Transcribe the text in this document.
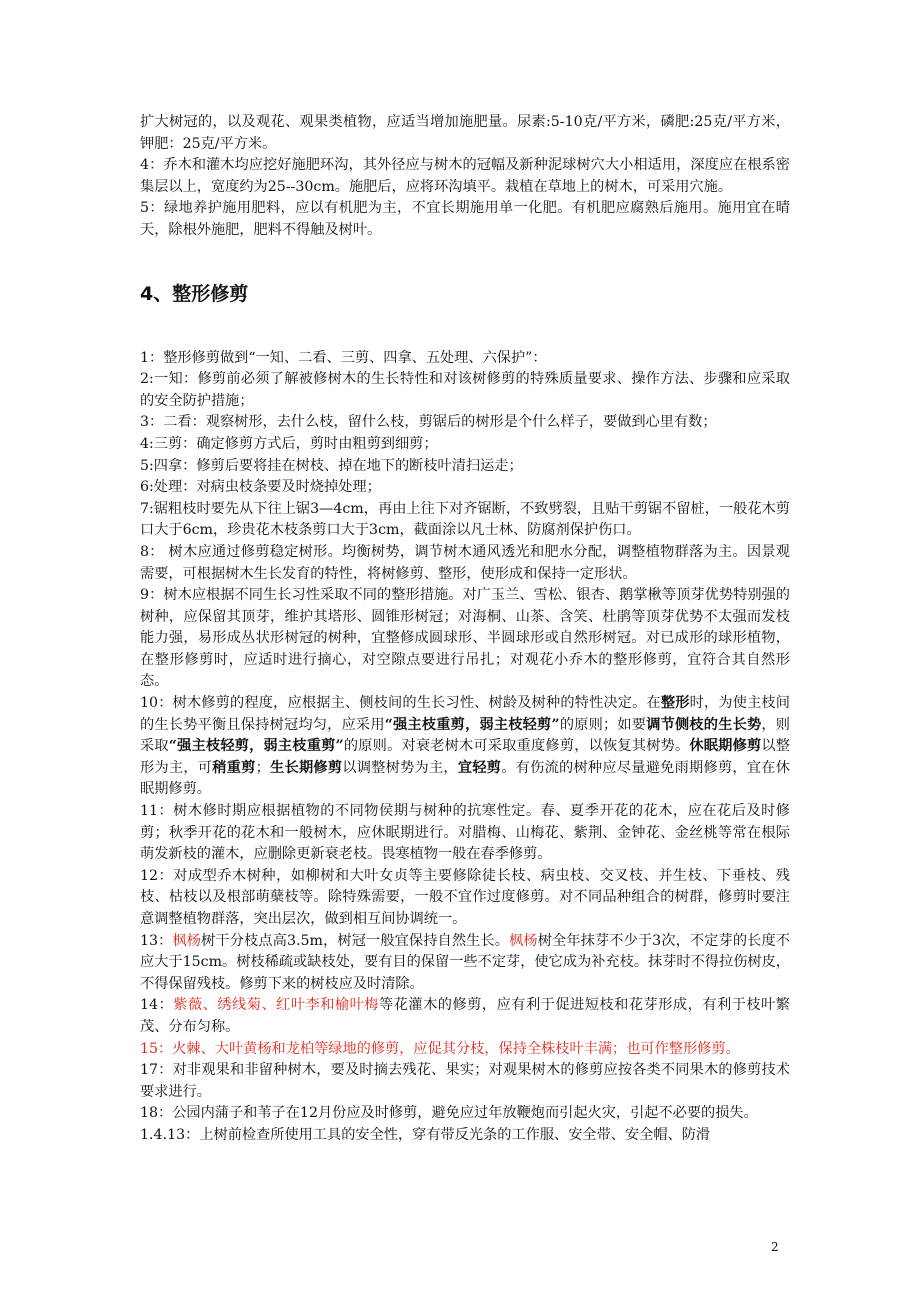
扩大树冠的，以及观花、观果类植物，应适当增加施肥量。尿素:5-10克/平方米，磷肥:25克/平方米，钾肥：25克/平方米。

4：乔木和灌木均应挖好施肥环沟，其外径应与树木的冠幅及新种泥球树穴大小相适用，深度应在根系密集层以上，宽度约为25--30cm。施肥后，应将环沟填平。栽植在草地上的树木，可采用穴施。

5：绿地养护施用肥料，应以有机肥为主，不宜长期施用单一化肥。有机肥应腐熟后施用。施用宜在晴天，除根外施肥，肥料不得触及树叶。

4、整形修剪

1：整形修剪做到“一知、二看、三剪、四拿、五处理、六保护”：

2:一知：修剪前必须了解被修树木的生长特性和对该树修剪的特殊质量要求、操作方法、步骤和应采取的安全防护措施；

3：二看：观察树形，去什么枝，留什么枝，剪锯后的树形是个什么样子，要做到心里有数；

4:三剪：确定修剪方式后，剪时由粗剪到细剪；

5:四拿：修剪后要将挂在树枝、掉在地下的断枝叶清扫运走；

6:处理：对病虫枝条要及时烧掉处理；

7:锯粗枝时要先从下往上锯3—4cm，再由上往下对齐锯断，不致劈裂，且贴干剪锯不留桩，一般花木剪口大于6cm，珍贵花木枝条剪口大于3cm，截面涂以凡士林、防腐剂保护伤口。

8： 树木应通过修剪稳定树形。均衡树势，调节树木通风透光和肥水分配，调整植物群落为主。因景观需要，可根据树木生长发育的特性，将树修剪、整形，使形成和保持一定形状。

9：树木应根据不同生长习性采取不同的整形措施。对广玉兰、雪松、银杏、鹅掌楸等顶芽优势特别强的树种，应保留其顶芽，维护其塔形、圆锥形树冠；对海桐、山茶、含笑、杜鹃等顶芽优势不太强而发枝能力强，易形成丛状形树冠的树种，宜整修成圆球形、半圆球形或自然形树冠。对已成形的球形植物，在整形修剪时，应适时进行摘心，对空隙点要进行吊扎；对观花小乔木的整形修剪，宜符合其自然形态。

10：树木修剪的程度，应根据主、侧枝间的生长习性、树龄及树种的特性决定。在整形时，为使主枝间的生长势平衡且保持树冠均匀，应采用“强主枝重剪，弱主枝轻剪”的原则；如要调节侧枝的生长势，则采取“强主枝轻剪，弱主枝重剪”的原则。对衰老树木可采取重度修剪，以恢复其树势。休眠期修剪以整形为主，可稍重剪；生长期修剪以调整树势为主，宜轻剪。有伤流的树种应尽量避免雨期修剪，宜在休眠期修剪。

11：树木修时期应根据植物的不同物侯期与树种的抗寒性定。春、夏季开花的花木，应在花后及时修剪；秋季开花的花木和一般树木，应休眠期进行。对腊梅、山梅花、紫荆、金钟花、金丝桃等常在根际萌发新枝的灌木，应删除更新衰老枝。畏寒植物一般在春季修剪。

12：对成型乔木树种，如柳树和大叶女贞等主要修除徒长枝、病虫枝、交叉枝、并生枝、下垂枝、残枝、枯枝以及根部萌蘖枝等。除特殊需要，一般不宜作过度修剪。对不同品种组合的树群，修剪时要注意调整植物群落，突出层次，做到相互间协调统一。

13：枫杨树干分枝点高3.5m，树冠一般宜保持自然生长。枫杨树全年抹芽不少于3次，不定芽的长度不应大于15cm。树枝稀疏或缺枝处，要有目的保留一些不定芽，使它成为补充枝。抹芽时不得拉伤树皮，不得保留残枝。修剪下来的树枝应及时清除。

14：紫薇、绣线菊、红叶李和榆叶梅等花灌木的修剪，应有利于促进短枝和花芽形成，有利于枝叶繁茂、分布匀称。

15：火棘、大叶黄杨和龙柏等绿地的修剪，应促其分枝，保持全株枝叶丰满；也可作整形修剪。

17：对非观果和非留种树木，要及时摘去残花、果实；对观果树木的修剪应按各类不同果木的修剪技术要求进行。

18：公园内蒲子和苇子在12月份应及时修剪，避免应过年放鞭炮而引起火灾，引起不必要的损失。

1.4.13：上树前检查所使用工具的安全性，穿有带反光条的工作服、安全带、安全帽、防滑

2
